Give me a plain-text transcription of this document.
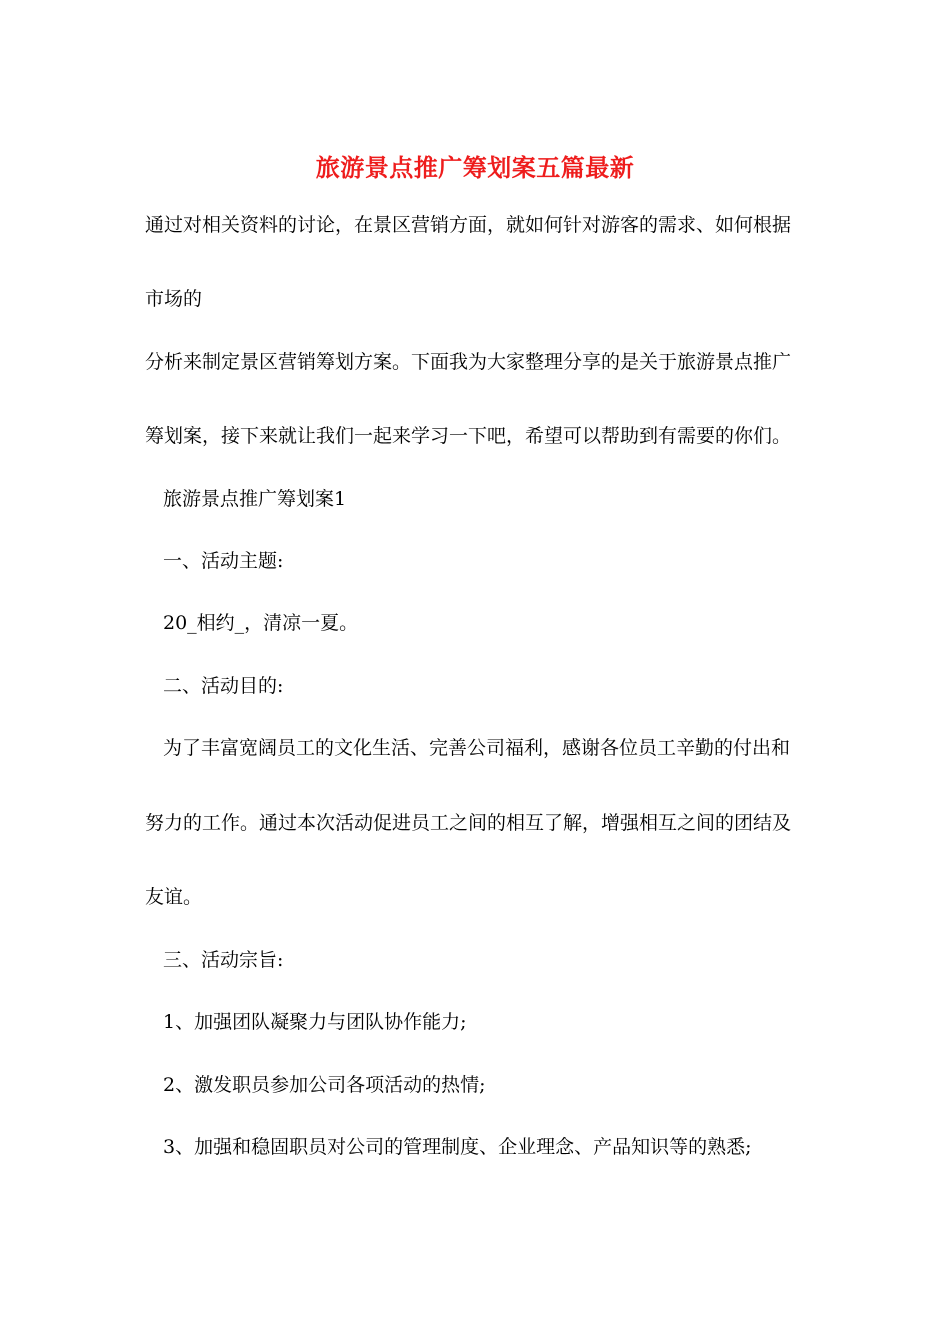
旅游景点推广筹划案五篇最新
通过对相关资料的讨论，在景区营销方面，就如何针对游客的需求、如何根据
市场的
分析来制定景区营销筹划方案。下面我为大家整理分享的是关于旅游景点推广
筹划案，接下来就让我们一起来学习一下吧，希望可以帮助到有需要的你们。
旅游景点推广筹划案1
一、活动主题:
20_相约_，清凉一夏。
二、活动目的:
为了丰富宽阔员工的文化生活、完善公司福利，感谢各位员工辛勤的付出和
努力的工作。通过本次活动促进员工之间的相互了解，增强相互之间的团结及
友谊。
三、活动宗旨:
1、加强团队凝聚力与团队协作能力;
2、激发职员参加公司各项活动的热情;
3、加强和稳固职员对公司的管理制度、企业理念、产品知识等的熟悉;
